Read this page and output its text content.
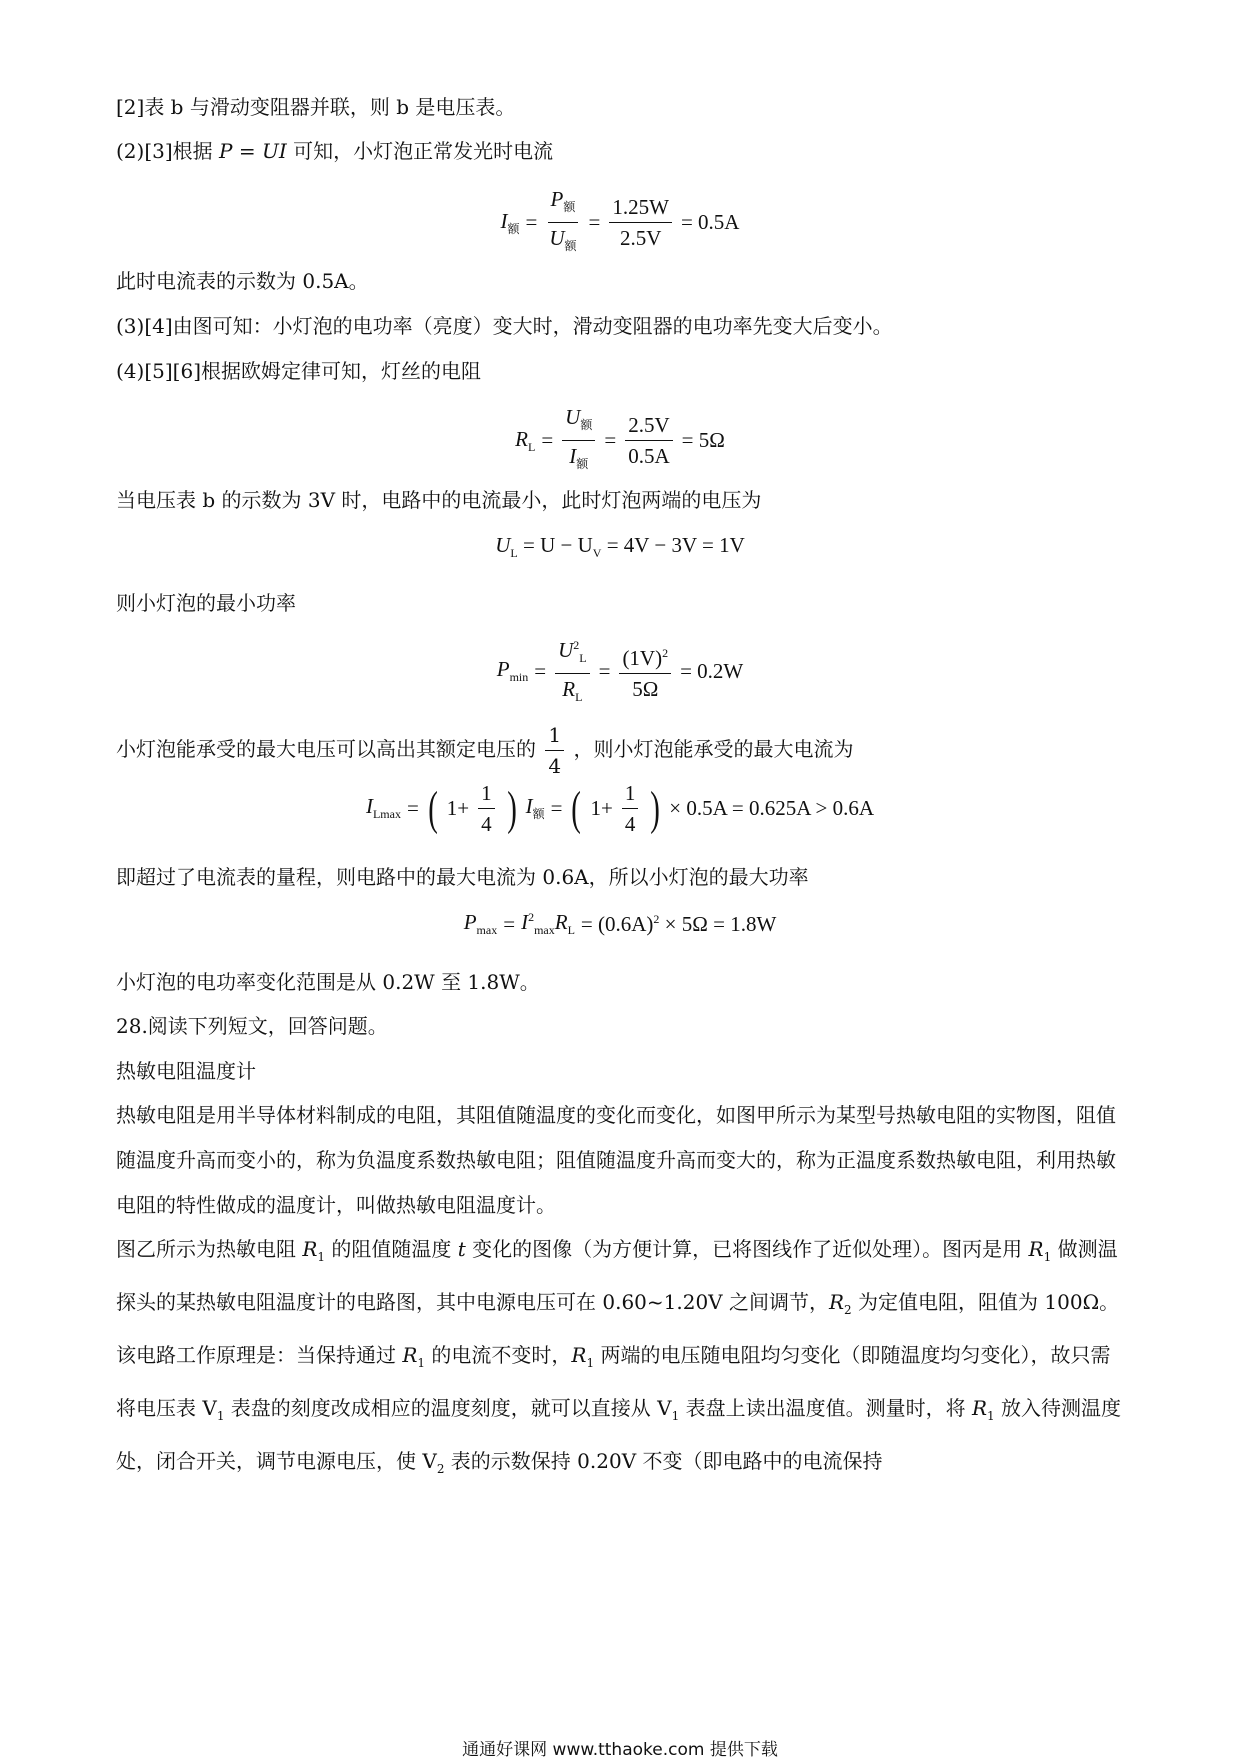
[2]表 b 与滑动变阻器并联，则 b 是电压表。
(2)[3]根据 P = UI 可知，小灯泡正常发光时电流
$I_额 = \frac{P_额}{U_额} = \frac{1.25W}{2.5V} = 0.5A$
此时电流表的示数为 0.5A。
(3)[4]由图可知：小灯泡的电功率（亮度）变大时，滑动变阻器的电功率先变大后变小。
(4)[5][6]根据欧姆定律可知，灯丝的电阻
$R_L = \frac{U_额}{I_额} = \frac{2.5V}{0.5A} = 5\Omega$
当电压表 b 的示数为 3V 时，电路中的电流最小，此时灯泡两端的电压为
$U_L = U - U_V = 4V - 3V = 1V$
则小灯泡的最小功率
$P_{min} = \frac{U^2_L}{R_L} = \frac{(1V)^2}{5\Omega} = 0.2W$
小灯泡能承受的最大电压可以高出其额定电压的 $\frac{1}{4}$ ，则小灯泡能承受的最大电流为
$I_{Lmax}$ = ( $1+ \frac{1}{4}$ ) $I_额$ = ( $1+ \frac{1}{4}$ ) × 0.5A = 0.625A > 0.6A
即超过了电流表的量程，则电路中的最大电流为 0.6A，所以小灯泡的最大功率
$P_{max} = I^2_{max}R_L = (0.6A)^2 \times 5\Omega = 1.8W$
小灯泡的电功率变化范围是从 0.2W 至 1.8W。
28.阅读下列短文，回答问题。
热敏电阻温度计
热敏电阻是用半导体材料制成的电阻，其阻值随温度的变化而变化，如图甲所示为某型号热敏电阻的实物图，阻值随温度升高而变小的，称为负温度系数热敏电阻；阻值随温度升高而变大的，称为正温度系数热敏电阻，利用热敏电阻的特性做成的温度计，叫做热敏电阻温度计。
图乙所示为热敏电阻 $R_1$ 的阻值随温度 t 变化的图像（为方便计算，已将图线作了近似处理）。图丙是用 $R_1$ 做测温探头的某热敏电阻温度计的电路图，其中电源电压可在 0.60~1.20V 之间调节，$R_2$ 为定值电阻，阻值为 100Ω。该电路工作原理是：当保持通过 $R_1$ 的电流不变时，$R_1$ 两端的电压随电阻均匀变化（即随温度均匀变化），故只需将电压表 $V_1$ 表盘的刻度改成相应的温度刻度，就可以直接从 $V_1$ 表盘上读出温度值。测量时，将 $R_1$ 放入待测温度处，闭合开关，调节电源电压，使 $V_2$ 表的示数保持 0.20V 不变（即电路中的电流保持
通通好课网 www.tthaoke.com 提供下载
